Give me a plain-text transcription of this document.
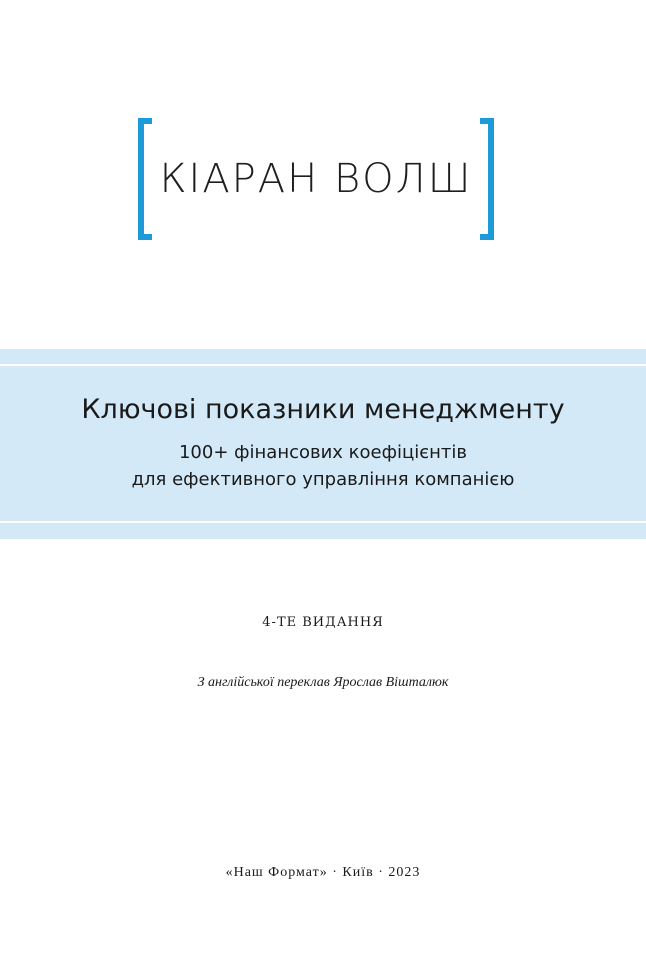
КІАРАН ВОЛШ
Ключові показники менеджменту
100+ фінансових коефіцієнтів
для ефективного управління компанією
4-ТЕ ВИДАННЯ
З англійської переклав Ярослав Вішталюк
«Наш Формат» · Київ · 2023
